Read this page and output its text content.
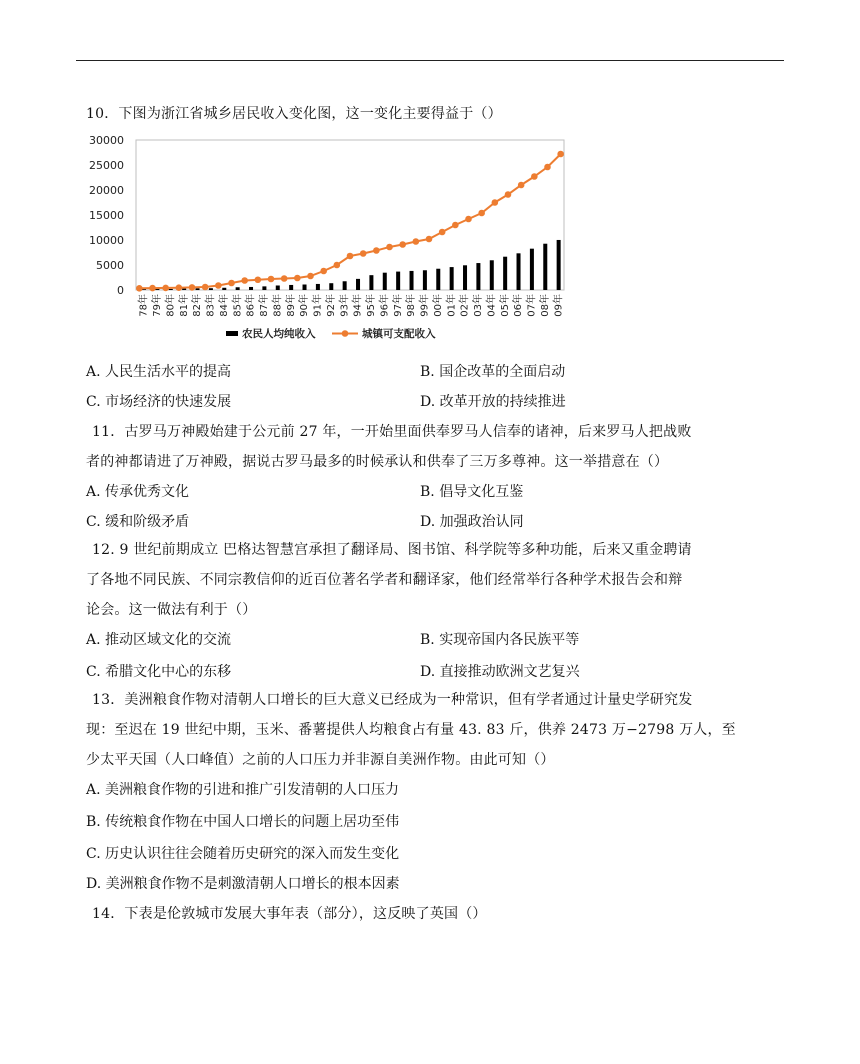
10．下图为浙江省城乡居民收入变化图，这一变化主要得益于（）
0
5000
10000
15000
20000
25000
30000
78年 79年 80年 81年 82年 83年 84年 85年 86年 87年 88年 89年 90年 91年 92年 93年 94年 95年 96年 97年 98年 99年 00年 01年 02年 03年 04年 05年 06年 07年 08年 09年
农民人均纯收入	城镇可支配收入
A. 人民生活水平的提高	B. 国企改革的全面启动
C. 市场经济的快速发展	D. 改革开放的持续推进
11．古罗马万神殿始建于公元前 27 年，一开始里面供奉罗马人信奉的诸神，后来罗马人把战败
者的神都请进了万神殿，据说古罗马最多的时候承认和供奉了三万多尊神。这一举措意在（）
A. 传承优秀文化	B. 倡导文化互鉴
C. 缓和阶级矛盾	D. 加强政治认同
12. 9 世纪前期成立 巴格达智慧宫承担了翻译局、图书馆、科学院等多种功能，后来又重金聘请
了各地不同民族、不同宗教信仰的近百位著名学者和翻译家，他们经常举行各种学术报告会和辩
论会。这一做法有利于（）
A. 推动区域文化的交流	B. 实现帝国内各民族平等
C. 希腊文化中心的东移	D. 直接推动欧洲文艺复兴
13．美洲粮食作物对清朝人口增长的巨大意义已经成为一种常识，但有学者通过计量史学研究发
现：至迟在 19 世纪中期，玉米、番薯提供人均粮食占有量 43. 83 斤，供养 2473 万−2798 万人，至
少太平天国（人口峰值）之前的人口压力并非源自美洲作物。由此可知（）
A. 美洲粮食作物的引进和推广引发清朝的人口压力
B. 传统粮食作物在中国人口增长的问题上居功至伟
C. 历史认识往往会随着历史研究的深入而发生变化
D. 美洲粮食作物不是刺激清朝人口增长的根本因素
14．下表是伦敦城市发展大事年表（部分），这反映了英国（）
